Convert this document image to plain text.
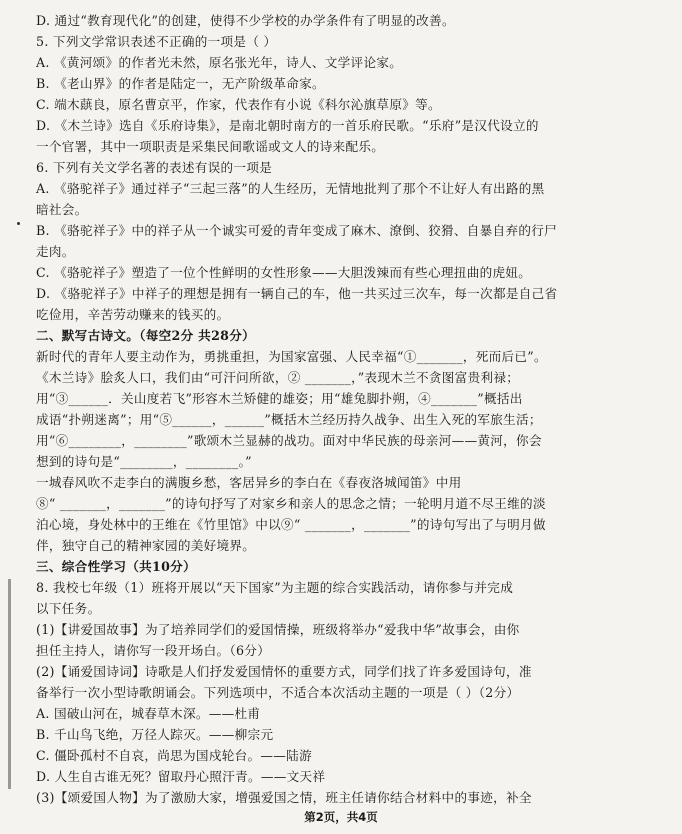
D. 通过“教育现代化”的创建，使得不少学校的办学条件有了明显的改善。
5. 下列文学常识表述不正确的一项是（ ）
A. 《黄河颂》的作者光未然，原名张光年，诗人、文学评论家。
B. 《老山界》的作者是陆定一，无产阶级革命家。
C. 端木蕻良，原名曹京平，作家，代表作有小说《科尔沁旗草原》等。
D. 《木兰诗》选自《乐府诗集》，是南北朝时南方的一首乐府民歌。“乐府”是汉代设立的
一个官署，其中一项职责是采集民间歌谣或文人的诗来配乐。
6. 下列有关文学名著的表述有误的一项是
A. 《骆驼祥子》通过祥子“三起三落”的人生经历，无情地批判了那个不让好人有出路的黑
暗社会。
B. 《骆驼祥子》中的祥子从一个诚实可爱的青年变成了麻木、潦倒、狡猾、自暴自弃的行尸
走肉。
C. 《骆驼祥子》塑造了一位个性鲜明的女性形象——大胆泼辣而有些心理扭曲的虎妞。
D. 《骆驼祥子》中祥子的理想是拥有一辆自己的车，他一共买过三次车，每一次都是自己省
吃俭用，辛苦劳动赚来的钱买的。
二、默写古诗文。（每空2分 共28分）
新时代的青年人要主动作为，勇挑重担，为国家富强、人民幸福“①_______，死而后已”。
《木兰诗》脍炙人口，我们由“可汗问所欲，② _______，”表现木兰不贪图富贵利禄；
用“③______．关山度若飞”形容木兰矫健的雄姿；用“雄兔脚扑朔，④_______”概括出
成语“扑朔迷离”；用“⑤______，______”概括木兰经历持久战争、出生入死的军旅生活；
用“⑥________，________”歌颂木兰显赫的战功。面对中华民族的母亲河——黄河，你会
想到的诗句是“________，________。”
一城春风吹不走李白的满腹乡愁，客居异乡的李白在《春夜洛城闻笛》中用
⑧“ _______，_______”的诗句抒写了对家乡和亲人的思念之情；一轮明月道不尽王维的淡
泊心境，身处林中的王维在《竹里馆》中以⑨“ _______，_______”的诗句写出了与明月做
伴，独守自己的精神家园的美好境界。
三、综合性学习（共10分）
8. 我校七年级（1）班将开展以“天下国家”为主题的综合实践活动，请你参与并完成
以下任务。
(1)【讲爱国故事】为了培养同学们的爱国情操，班级将举办“爱我中华”故事会，由你
担任主持人，请你写一段开场白。（6分）
(2)【诵爱国诗词】诗歌是人们抒发爱国情怀的重要方式，同学们找了许多爱国诗句，准
备举行一次小型诗歌朗诵会。下列选项中，不适合本次活动主题的一项是（ ）（2分）
A. 国破山河在，城春草木深。——杜甫
B. 千山鸟飞绝，万径人踪灭。——柳宗元
C. 僵卧孤村不自哀，尚思为国戍轮台。——陆游
第2页，共4页
D. 人生自古谁无死？留取丹心照汗青。——文天祥
(3)【颂爱国人物】为了激励大家，增强爱国之情，班主任请你结合材料中的事迹，补全
